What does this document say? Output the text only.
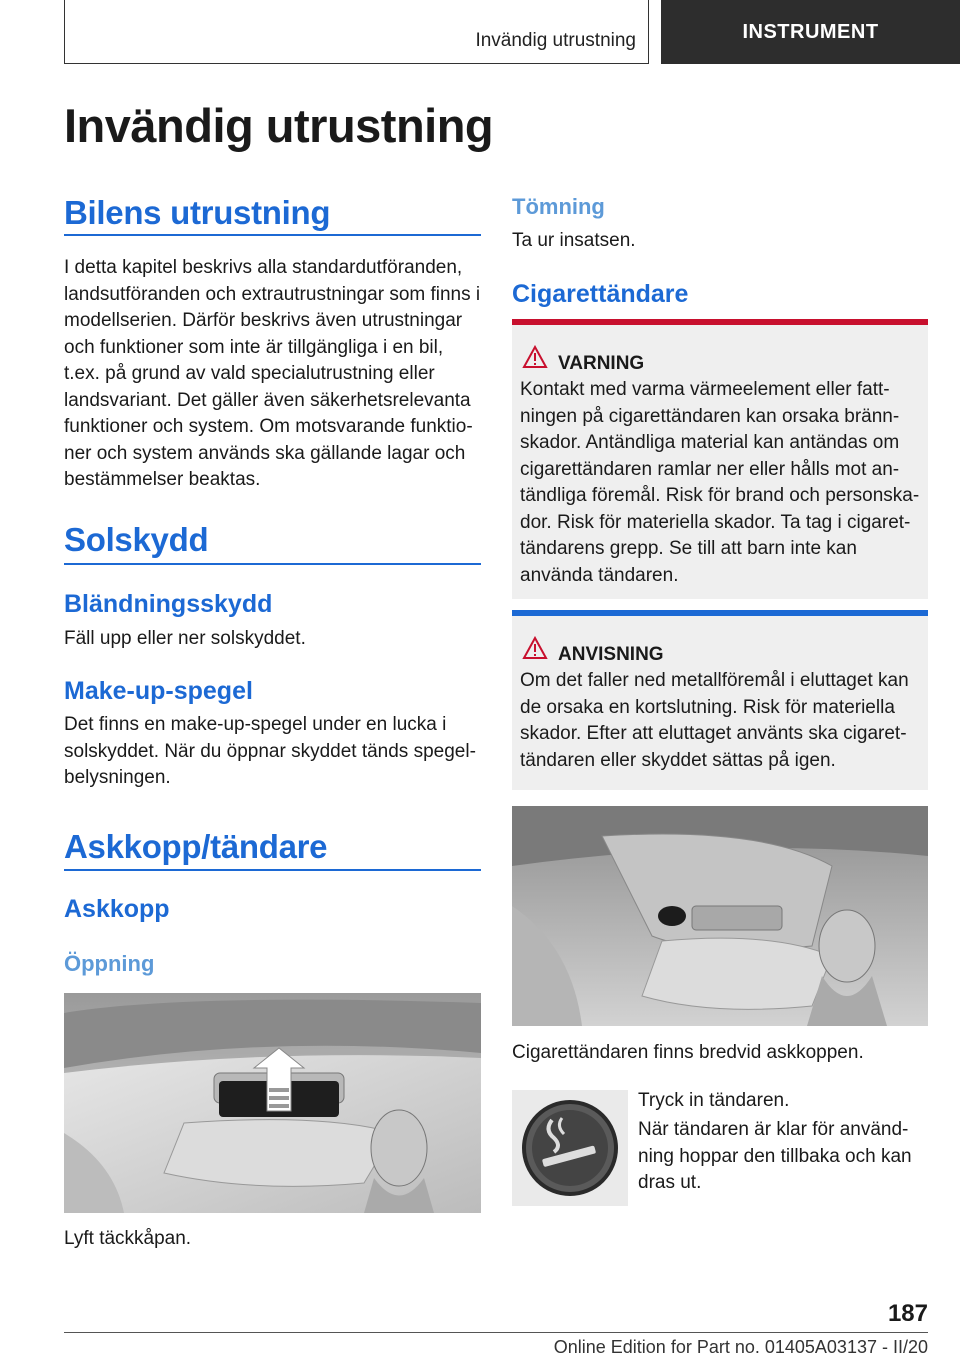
Invändig utrustning	INSTRUMENT
Invändig utrustning
Bilens utrustning
I detta kapitel beskrivs alla standardutföranden, landsutföranden och extrautrustningar som finns i modellserien. Därför beskrivs även utrustningar och funktioner som inte är tillgängliga i en bil, t.ex. på grund av vald specialutrustning eller landsvariant. Det gäller även säkerhetsrelevanta funktioner och system. Om motsvarande funktioner och system används ska gällande lagar och bestämmelser beaktas.
Solskydd
Bländningsskydd
Fäll upp eller ner solskyddet.
Make-up-spegel
Det finns en make-up-spegel under en lucka i solskyddet. När du öppnar skyddet tänds spegelbelysningen.
Askkopp/tändare
Askkopp
Öppning
Lyft täckkåpan.
Tömning
Ta ur insatsen.
Cigarettändare
VARNING
Kontakt med varma värmeelement eller fattningen på cigarettändaren kan orsaka brännskador. Antändliga material kan antändas om cigarettändaren ramlar ner eller hålls mot antändliga föremål. Risk för brand och personskador. Risk för materiella skador. Ta tag i cigarettändarens grepp. Se till att barn inte kan använda tändaren.
ANVISNING
Om det faller ned metallföremål i eluttaget kan de orsaka en kortslutning. Risk för materiella skador. Efter att eluttaget använts ska cigarettändaren eller skyddet sättas på igen.
Cigarettändaren finns bredvid askkoppen.
Tryck in tändaren.
När tändaren är klar för användning hoppar den tillbaka och kan dras ut.
187
Online Edition for Part no. 01405A03137 - II/20
